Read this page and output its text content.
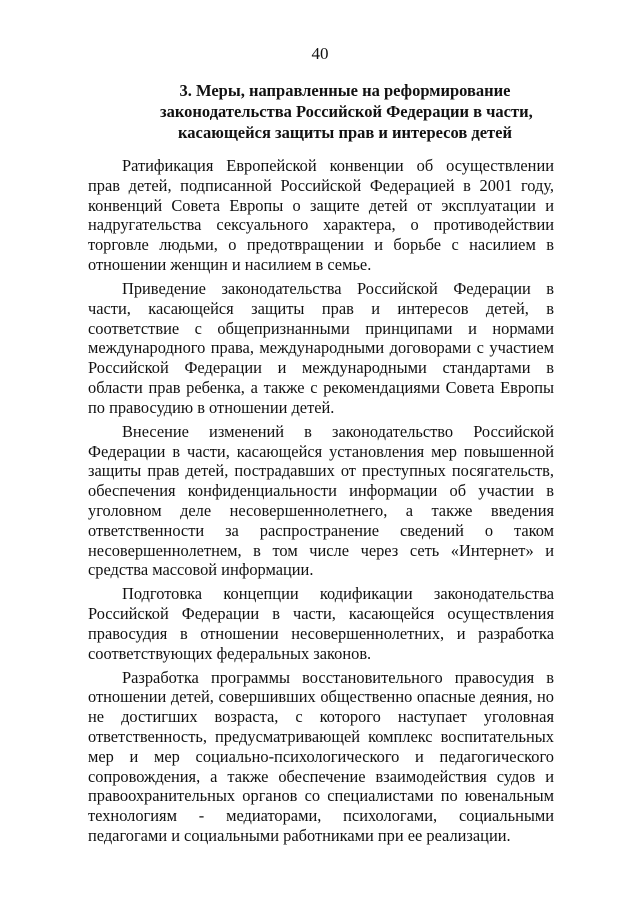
40
3. Меры, направленные на реформирование
законодательства Российской Федерации в части,
касающейся защиты прав и интересов детей

Ратификация Европейской конвенции об осуществлении прав детей, подписанной Российской Федерацией в 2001 году, конвенций Совета Европы о защите детей от эксплуатации и надругательства сексуального характера, о противодействии торговле людьми, о предотвращении и борьбе с насилием в отношении женщин и насилием в семье.

Приведение законодательства Российской Федерации в части, касающейся защиты прав и интересов детей, в соответствие с общепризнанными принципами и нормами международного права, международными договорами с участием Российской Федерации и международными стандартами в области прав ребенка, а также с рекомендациями Совета Европы по правосудию в отношении детей.

Внесение изменений в законодательство Российской Федерации в части, касающейся установления мер повышенной защиты прав детей, пострадавших от преступных посягательств, обеспечения конфиденциальности информации об участии в уголовном деле несовершеннолетнего, а также введения ответственности за распространение сведений о таком несовершеннолетнем, в том числе через сеть «Интернет» и средства массовой информации.

Подготовка концепции кодификации законодательства Российской Федерации в части, касающейся осуществления правосудия в отношении несовершеннолетних, и разработка соответствующих федеральных законов.

Разработка программы восстановительного правосудия в отношении детей, совершивших общественно опасные деяния, но не достигших возраста, с которого наступает уголовная ответственность, предусматривающей комплекс воспитательных мер и мер социально-психологического и педагогического сопровождения, а также обеспечение взаимодействия судов и правоохранительных органов со специалистами по ювенальным технологиям - медиаторами, психологами, социальными педагогами и социальными работниками при ее реализации.
